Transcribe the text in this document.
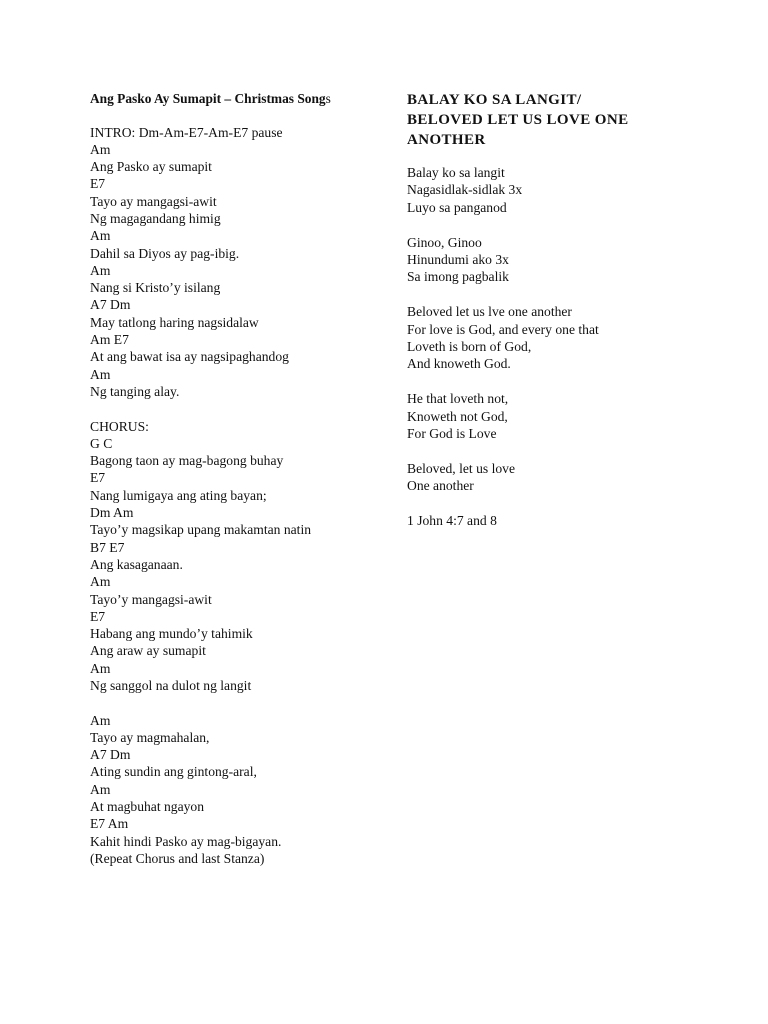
Ang Pasko Ay Sumapit – Christmas Songs
INTRO: Dm-Am-E7-Am-E7 pause
Am
Ang Pasko ay sumapit
E7
Tayo ay mangagsi-awit
Ng magagandang himig
Am
Dahil sa Diyos ay pag-ibig.
Am
Nang si Kristo’y isilang
A7 Dm
May tatlong haring nagsidalaw
Am E7
At ang bawat isa ay nagsipaghandog
Am
Ng tanging alay.
CHORUS:
G C
Bagong taon ay mag-bagong buhay
E7
Nang lumigaya ang ating bayan;
Dm Am
Tayo’y magsikap upang makamtan natin
B7 E7
Ang kasaganaan.
Am
Tayo’y mangagsi-awit
E7
Habang ang mundo’y tahimik
Ang araw ay sumapit
Am
Ng sanggol na dulot ng langit
Am
Tayo ay magmahalan,
A7 Dm
Ating sundin ang gintong-aral,
Am
At magbuhat ngayon
E7 Am
Kahit hindi Pasko ay mag-bigayan.
(Repeat Chorus and last Stanza)
BALAY KO SA LANGIT/
BELOVED LET US LOVE ONE
ANOTHER
Balay ko sa langit
Nagasidlak-sidlak 3x
Luyo sa panganod
Ginoo, Ginoo
Hinundumi ako 3x
Sa imong pagbalik
Beloved let us lve one another
For love is God, and every one that
Loveth is born of God,
And knoweth God.
He that loveth not,
Knoweth not God,
For God is Love
Beloved, let us love
One another
1 John 4:7 and 8
